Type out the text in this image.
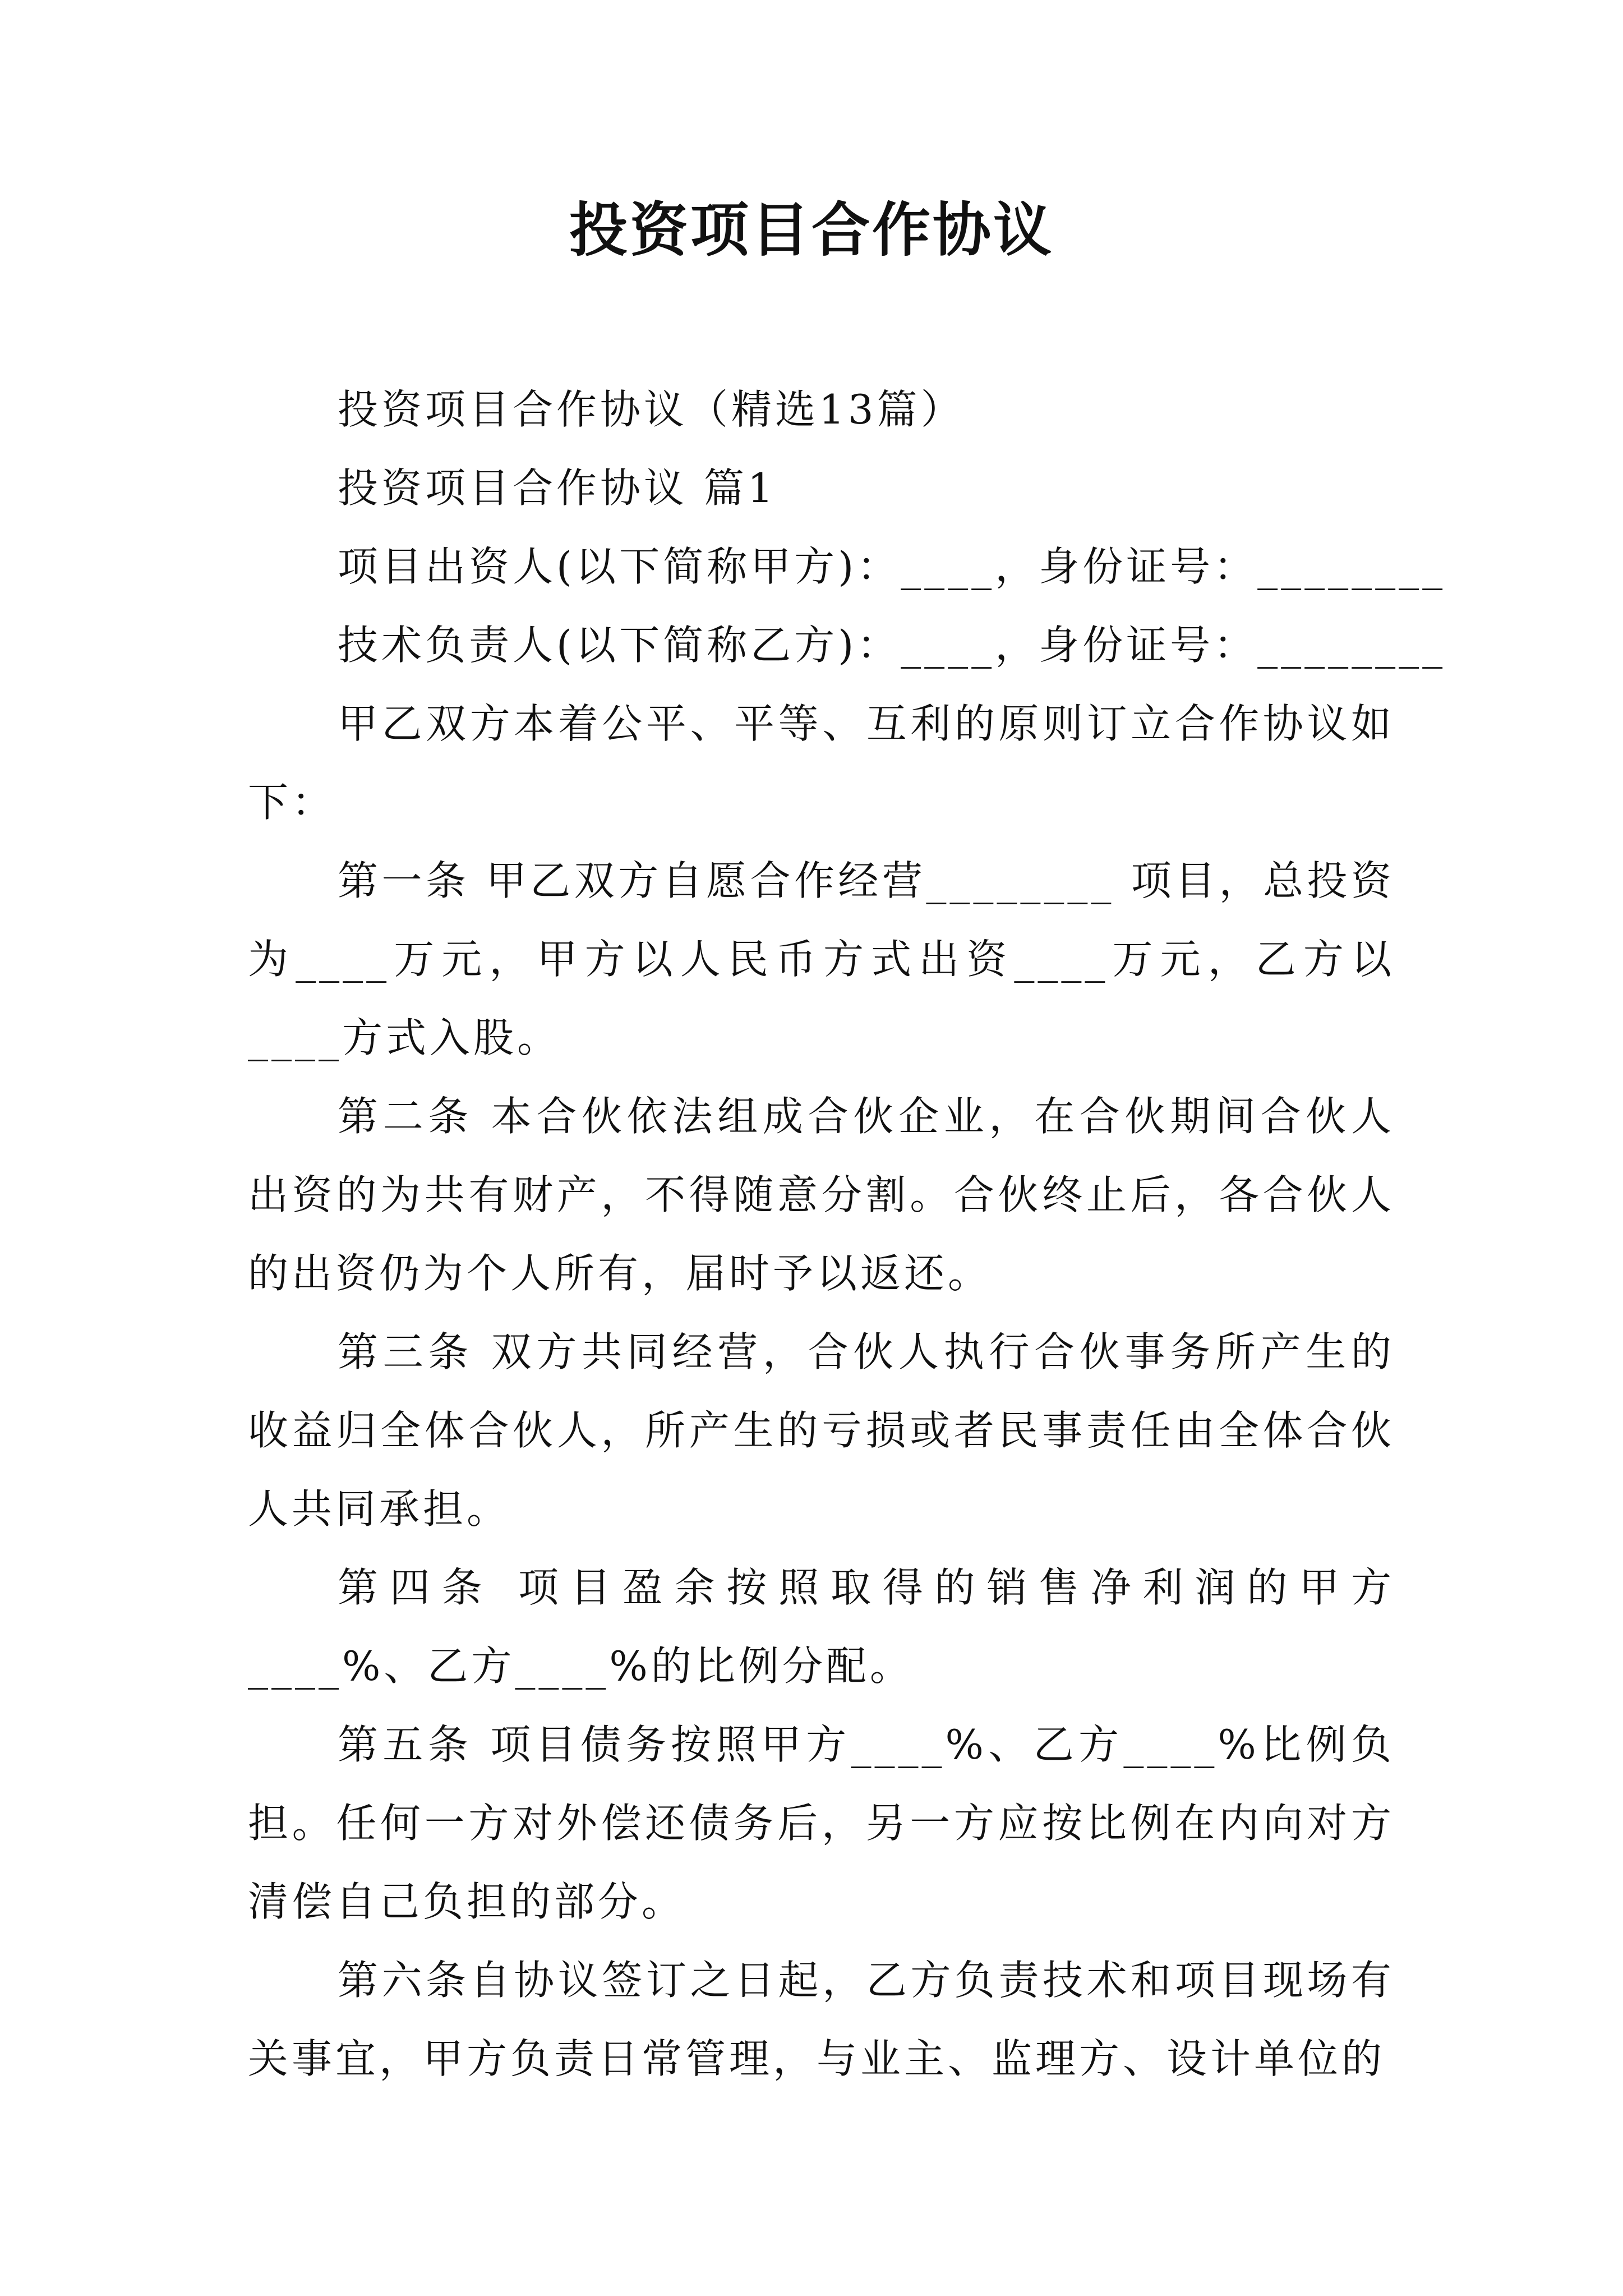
投资项目合作协议

投资项目合作协议（精选13篇）

投资项目合作协议 篇1

项目出资人(以下简称甲方)：____，身份证号：________

技术负责人(以下简称乙方)：____，身份证号：________

甲乙双方本着公平、平等、互利的原则订立合作协议如下：

第一条 甲乙双方自愿合作经营________ 项目，总投资为____万元，甲方以人民币方式出资____万元，乙方以____方式入股。

第二条 本合伙依法组成合伙企业，在合伙期间合伙人出资的为共有财产，不得随意分割。合伙终止后，各合伙人的出资仍为个人所有，届时予以返还。

第三条 双方共同经营，合伙人执行合伙事务所产生的收益归全体合伙人，所产生的亏损或者民事责任由全体合伙人共同承担。

第四条 项目盈余按照取得的销售净利润的甲方____%、乙方____%的比例分配。

第五条 项目债务按照甲方____%、乙方____%比例负担。任何一方对外偿还债务后，另一方应按比例在内向对方清偿自己负担的部分。

第六条自协议签订之日起，乙方负责技术和项目现场有关事宜，甲方负责日常管理，与业主、监理方、设计单位的
